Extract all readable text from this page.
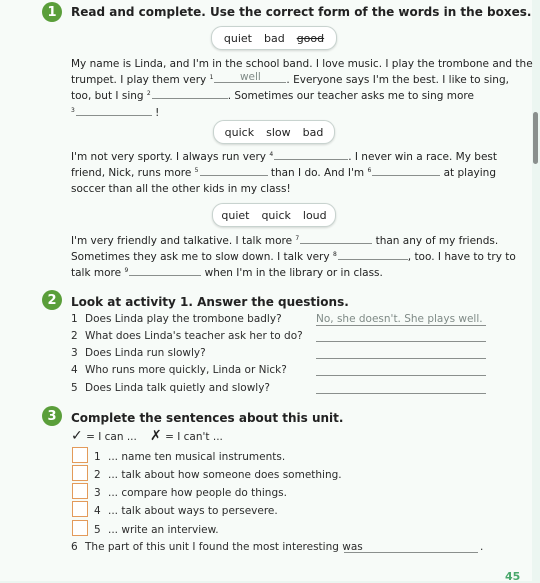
1 Read and complete. Use the correct form of the words in the boxes.
quiet bad good
My name is Linda, and I'm in the school band. I love music. I play the trombone and the
trumpet. I play them very $^1$	well	. Everyone says I'm the best. I like to sing,
too, but I sing $^2$	. Sometimes our teacher asks me to sing more
$^3$	!
quick slow bad
I'm not very sporty. I always run very $^4$	. I never win a race. My best
friend, Nick, runs more $^5$	than I do. And I'm $^6$	at playing
soccer than all the other kids in my class!
quiet quick loud
I'm very friendly and talkative. I talk more $^7$	than any of my friends.
Sometimes they ask me to slow down. I talk very $^8$	, too. I have to try to
talk more $^9$	when I'm in the library or in class.
2 Look at activity 1. Answer the questions.
1 Does Linda play the trombone badly?	No, she doesn't. She plays well.
2 What does Linda's teacher ask her to do?
3 Does Linda run slowly?
4 Who runs more quickly, Linda or Nick?
5 Does Linda talk quietly and slowly?
3 Complete the sentences about this unit.
✓ = I can ... ✗ = I can't ...
1 ... name ten musical instruments.
2 ... talk about how someone does something.
3 ... compare how people do things.
4 ... talk about ways to persevere.
5 ... write an interview.
6 The part of this unit I found the most interesting was	.
45
